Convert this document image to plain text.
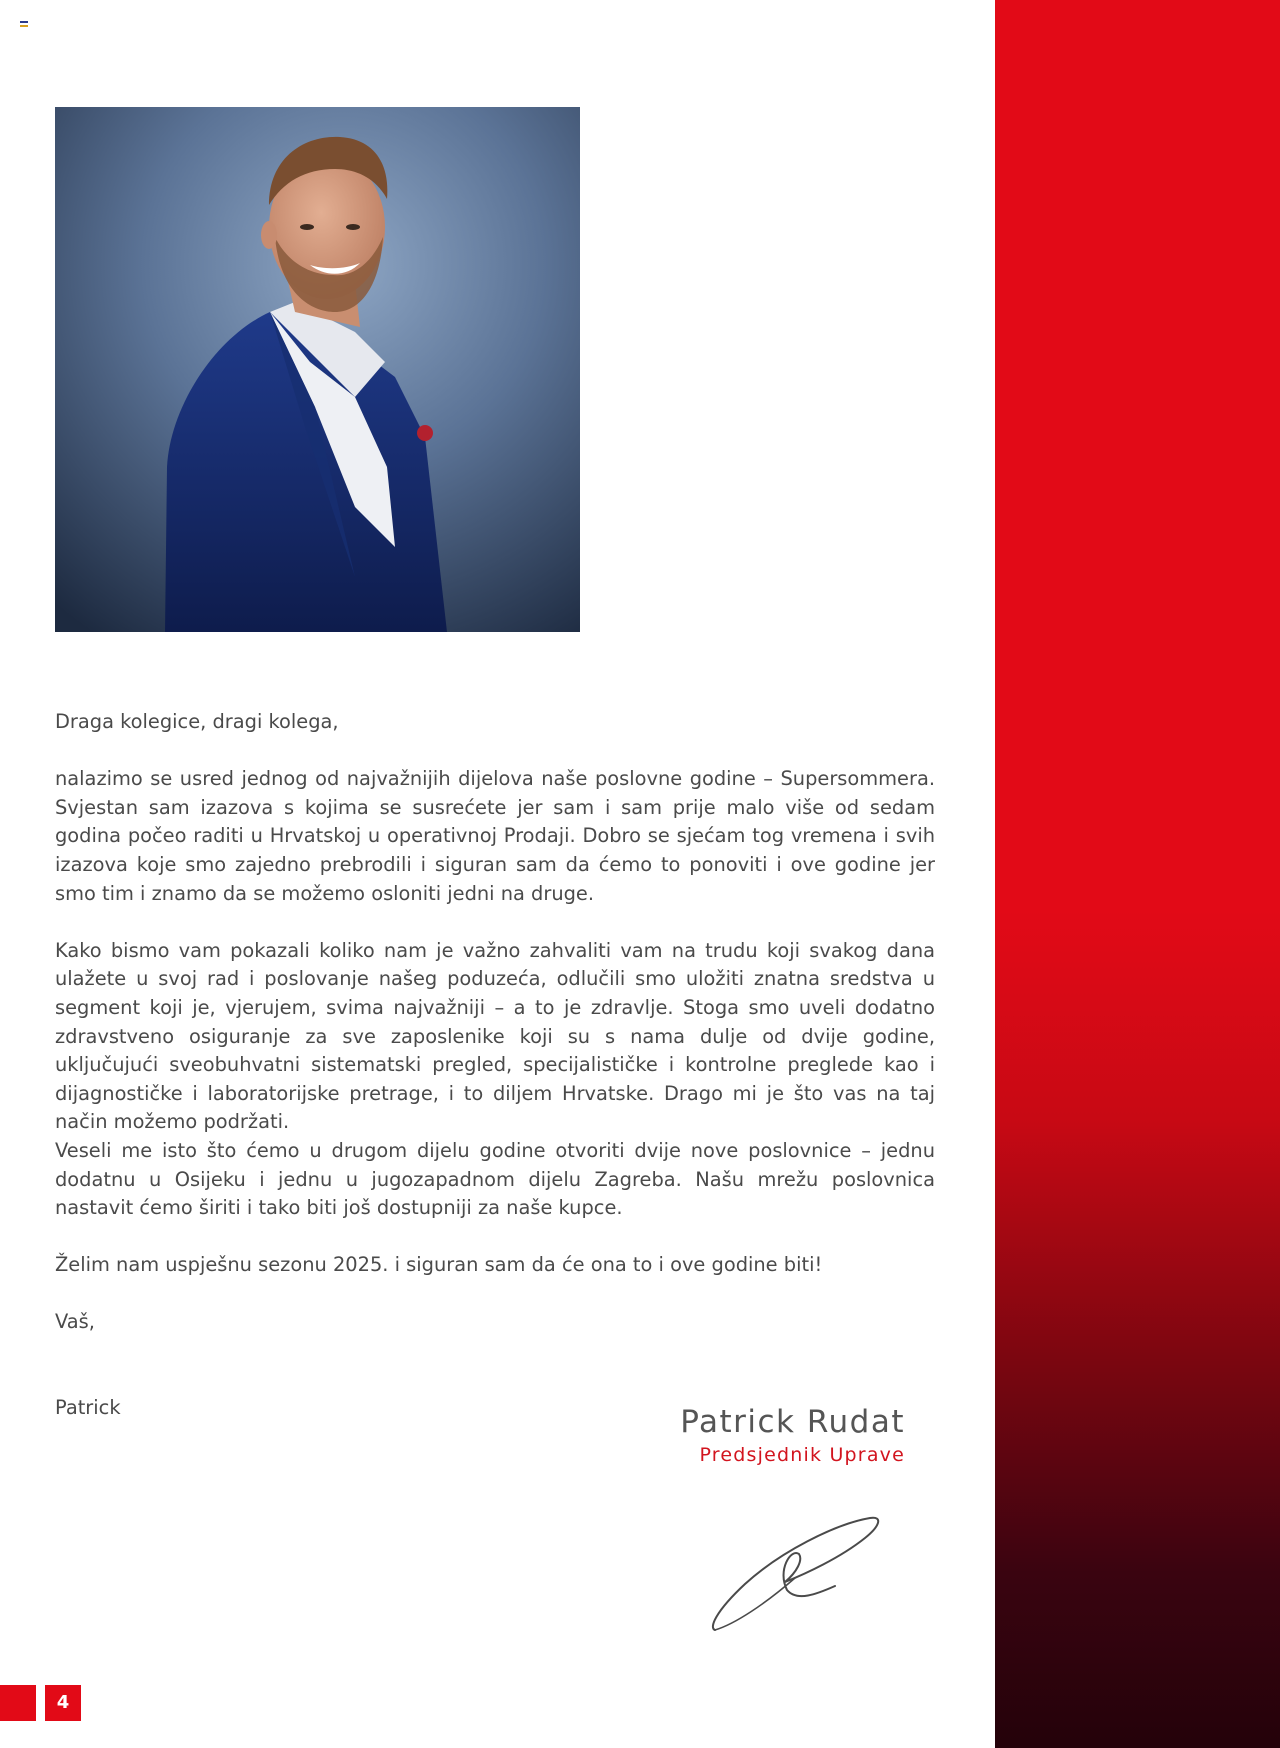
Draga kolegice, dragi kolega,

nalazimo se usred jednog od najvažnijih dijelova naše poslovne godine – Supersommera. Svjestan sam izazova s kojima se susrećete jer sam i sam prije malo više od sedam godina počeo raditi u Hrvatskoj u operativnoj Prodaji. Dobro se sjećam tog vremena i svih izazova koje smo zajedno prebrodili i siguran sam da ćemo to ponoviti i ove godine jer smo tim i znamo da se možemo osloniti jedni na druge.

Kako bismo vam pokazali koliko nam je važno zahvaliti vam na trudu koji svakog dana ulažete u svoj rad i poslovanje našeg poduzeća, odlučili smo uložiti znatna sredstva u segment koji je, vjerujem, svima najvažniji – a to je zdravlje. Stoga smo uveli dodatno zdravstveno osiguranje za sve zaposlenike koji su s nama dulje od dvije godine, uključujući sveobuhvatni sistematski pregled, specijalističke i kontrolne preglede kao i dijagnostičke i laboratorijske pretrage, i to diljem Hrvatske. Drago mi je što vas na taj način možemo podržati.

Veseli me isto što ćemo u drugom dijelu godine otvoriti dvije nove poslovnice – jednu dodatnu u Osijeku i jednu u jugozapadnom dijelu Zagreba. Našu mrežu poslovnica nastavit ćemo širiti i tako biti još dostupniji za naše kupce.

Želim nam uspješnu sezonu 2025. i siguran sam da će ona to i ove godine biti!

Vaš,

Patrick	Patrick Rudat
Predsjednik Uprave
4
